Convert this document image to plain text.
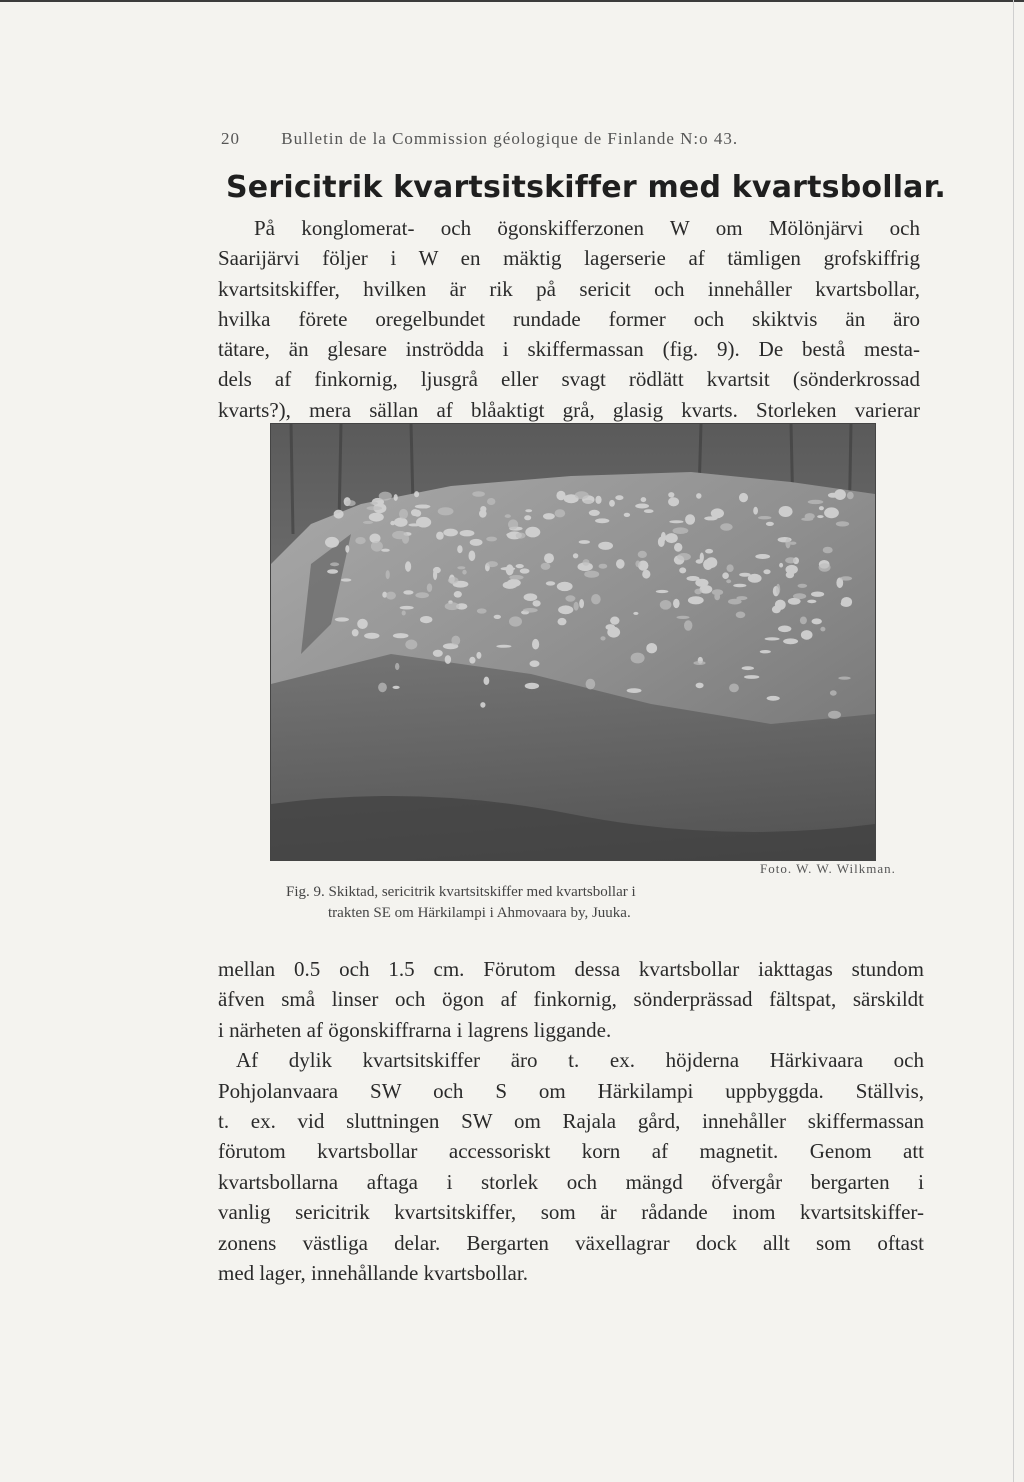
20 Bulletin de la Commission géologique de Finlande N:o 43.
Sericitrik kvartsitskiffer med kvartsbollar.
På konglomerat- och ögonskifferzonen W om Mölönjärvi och
Saarijärvi följer i W en mäktig lagerserie af tämligen grofskiffrig
kvartsitskiffer, hvilken är rik på sericit och innehåller kvartsbollar,
hvilka förete oregelbundet rundade former och skiktvis än äro
tätare, än glesare inströdda i skiffermassan (fig. 9). De bestå mesta-
dels af finkornig, ljusgrå eller svagt rödlätt kvartsit (sönderkrossad
kvarts?), mera sällan af blåaktigt grå, glasig kvarts. Storleken varierar
Foto. W. W. Wilkman.
Fig. 9. Skiktad, sericitrik kvartsitskiffer med kvartsbollar i
trakten SE om Härkilampi i Ahmovaara by, Juuka.
mellan 0.5 och 1.5 cm. Förutom dessa kvartsbollar iakttagas stundom
äfven små linser och ögon af finkornig, sönderprässad fältspat, särskildt
i närheten af ögonskiffrarna i lagrens liggande.
Af dylik kvartsitskiffer äro t. ex. höjderna Härkivaara och
Pohjolanvaara SW och S om Härkilampi uppbyggda. Ställvis,
t. ex. vid sluttningen SW om Rajala gård, innehåller skiffermassan
förutom kvartsbollar accessoriskt korn af magnetit. Genom att
kvartsbollarna aftaga i storlek och mängd öfvergår bergarten i
vanlig sericitrik kvartsitskiffer, som är rådande inom kvartsitskiffer-
zonens västliga delar. Bergarten växellagrar dock allt som oftast
med lager, innehållande kvartsbollar.
